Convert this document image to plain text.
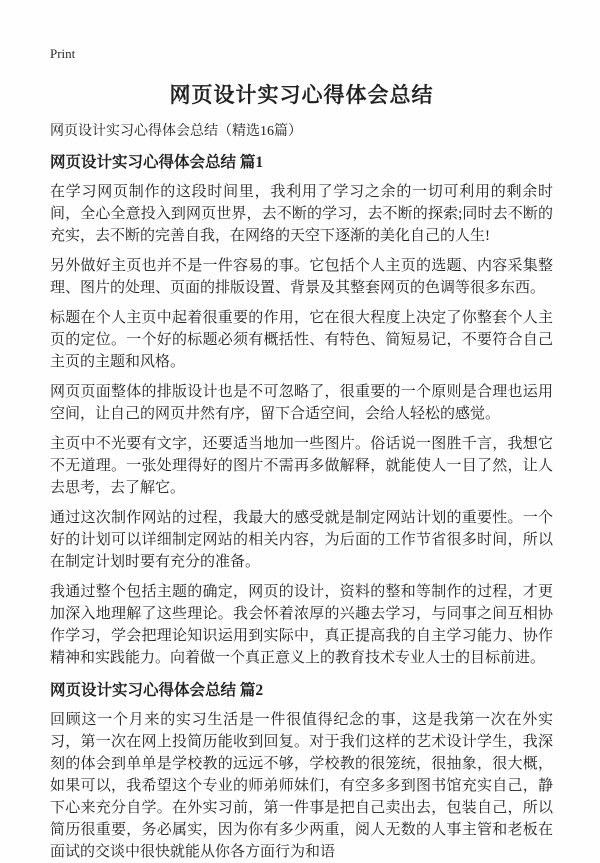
Print
网页设计实习心得体会总结

网页设计实习心得体会总结（精选16篇）

网页设计实习心得体会总结 篇1

在学习网页制作的这段时间里，我利用了学习之余的一切可利用的剩余时间，全心全意投入到网页世界，去不断的学习，去不断的探索;同时去不断的充实，去不断的完善自我，在网络的天空下逐渐的美化自己的人生!

另外做好主页也并不是一件容易的事。它包括个人主页的选题、内容采集整理、图片的处理、页面的排版设置、背景及其整套网页的色调等很多东西。

标题在个人主页中起着很重要的作用，它在很大程度上决定了你整套个人主页的定位。一个好的标题必须有概括性、有特色、简短易记，不要符合自己主页的主题和风格。

网页页面整体的排版设计也是不可忽略了，很重要的一个原则是合理也运用空间，让自己的网页井然有序，留下合适空间，会给人轻松的感觉。

主页中不光要有文字，还要适当地加一些图片。俗话说一图胜千言，我想它不无道理。一张处理得好的图片不需再多做解释，就能使人一目了然，让人去思考，去了解它。

通过这次制作网站的过程，我最大的感受就是制定网站计划的重要性。一个好的计划可以详细制定网站的相关内容，为后面的工作节省很多时间，所以在制定计划时要有充分的准备。

我通过整个包括主题的确定，网页的设计，资料的整和等制作的过程，才更加深入地理解了这些理论。我会怀着浓厚的兴趣去学习，与同事之间互相协作学习，学会把理论知识运用到实际中，真正提高我的自主学习能力、协作精神和实践能力。向着做一个真正意义上的教育技术专业人士的目标前进。

网页设计实习心得体会总结 篇2

回顾这一个月来的实习生活是一件很值得纪念的事，这是我第一次在外实习，第一次在网上投简历能收到回复。对于我们这样的艺术设计学生，我深刻的体会到单单是学校教的远远不够，学校教的很笼统，很抽象，很大概，如果可以，我希望这个专业的师弟师妹们，有空多多到图书馆充实自己，静下心来充分自学。在外实习前，第一件事是把自己卖出去，包装自己，所以简历很重要，务必属实，因为你有多少两重，阅人无数的人事主管和老板在面试的交谈中很快就能从你各方面行为和语
